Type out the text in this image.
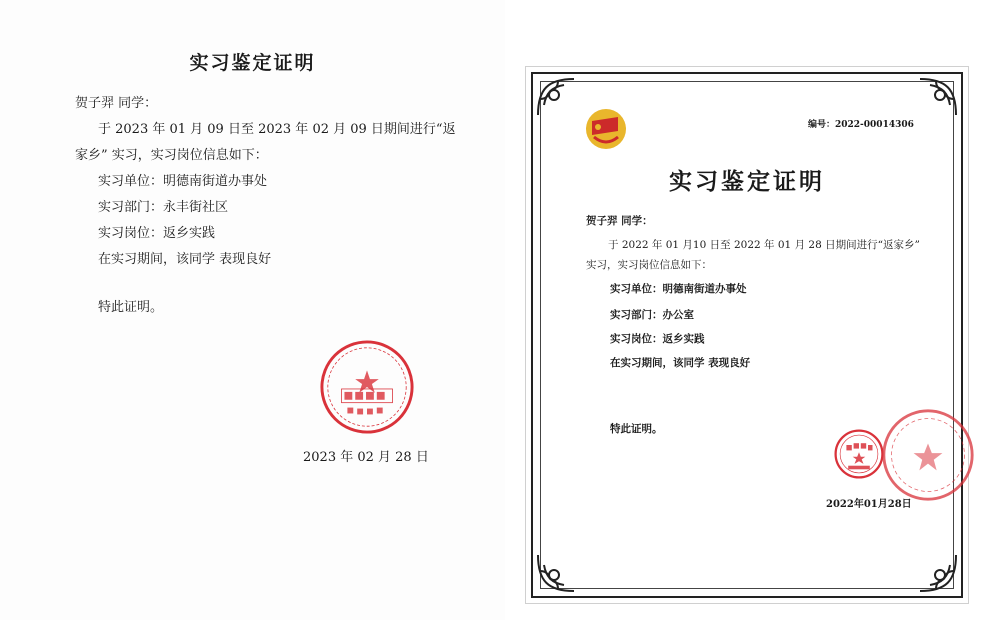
实习鉴定证明
贺子羿 同学：
于 2023 年 01 月 09 日至 2023 年 02 月 09 日期间进行“返
家乡” 实习，实习岗位信息如下：
实习单位：明德南街道办事处
实习部门：永丰街社区
实习岗位：返乡实践
在实习期间，该同学 表现良好
特此证明。
2023 年 02 月 28 日
编号：2022-00014306
实习鉴定证明
贺子羿 同学：
于 2022 年 01 月10 日至 2022 年 01 月 28 日期间进行“返家乡”
实习，实习岗位信息如下：
实习单位：明德南街道办事处
实习部门：办公室
实习岗位：返乡实践
在实习期间，该同学 表现良好
特此证明。
2022年01月28日
